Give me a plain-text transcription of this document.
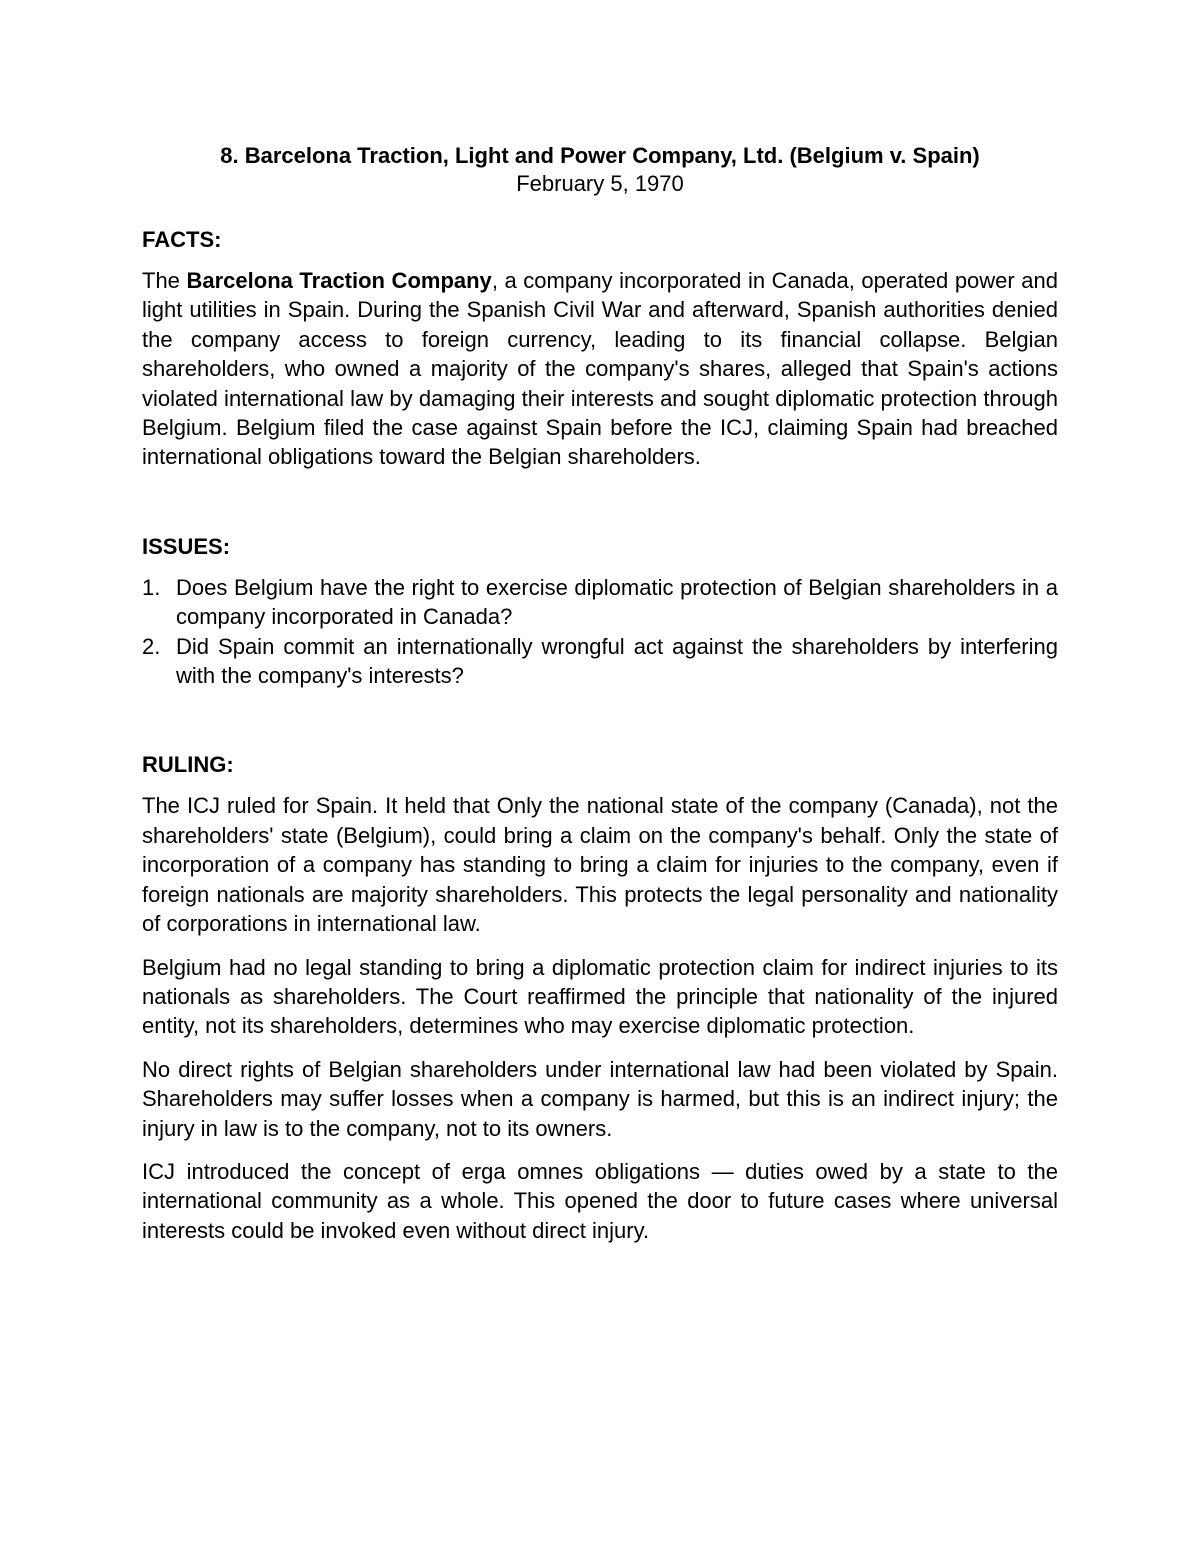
8. Barcelona Traction, Light and Power Company, Ltd. (Belgium v. Spain)

February 5, 1970

FACTS:

The Barcelona Traction Company, a company incorporated in Canada, operated power and light utilities in Spain. During the Spanish Civil War and afterward, Spanish authorities denied the company access to foreign currency, leading to its financial collapse. Belgian shareholders, who owned a majority of the company's shares, alleged that Spain's actions violated international law by damaging their interests and sought diplomatic protection through Belgium. Belgium filed the case against Spain before the ICJ, claiming Spain had breached international obligations toward the Belgian shareholders.

ISSUES:

1. Does Belgium have the right to exercise diplomatic protection of Belgian shareholders in a company incorporated in Canada?
2. Did Spain commit an internationally wrongful act against the shareholders by interfering with the company's interests?

RULING:

The ICJ ruled for Spain. It held that Only the national state of the company (Canada), not the shareholders' state (Belgium), could bring a claim on the company's behalf. Only the state of incorporation of a company has standing to bring a claim for injuries to the company, even if foreign nationals are majority shareholders. This protects the legal personality and nationality of corporations in international law.

Belgium had no legal standing to bring a diplomatic protection claim for indirect injuries to its nationals as shareholders. The Court reaffirmed the principle that nationality of the injured entity, not its shareholders, determines who may exercise diplomatic protection.

No direct rights of Belgian shareholders under international law had been violated by Spain. Shareholders may suffer losses when a company is harmed, but this is an indirect injury; the injury in law is to the company, not to its owners.

ICJ introduced the concept of erga omnes obligations — duties owed by a state to the international community as a whole. This opened the door to future cases where universal interests could be invoked even without direct injury.
